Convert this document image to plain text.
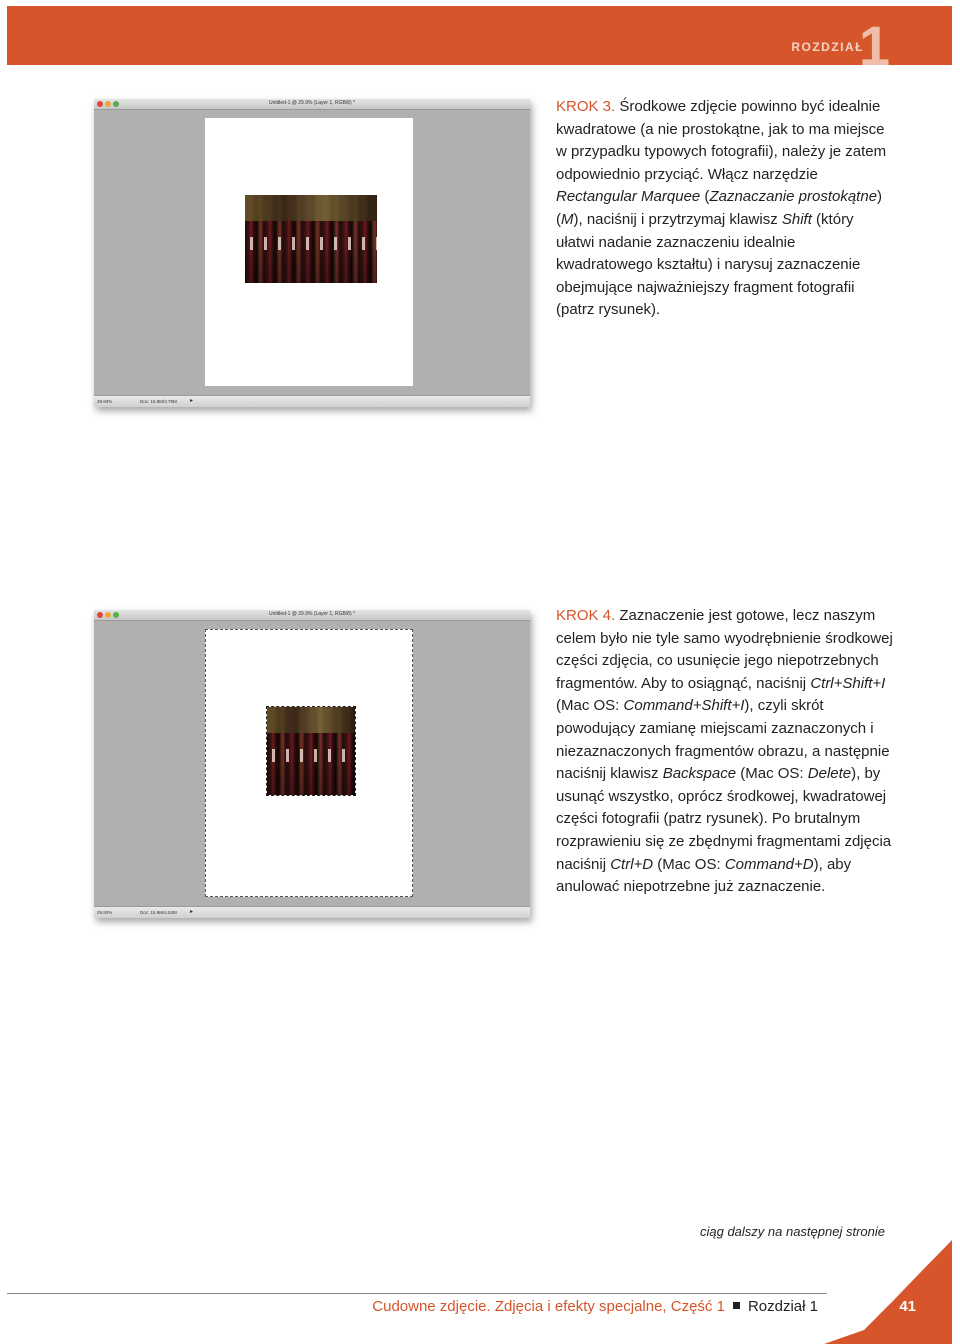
ROZDZIAŁ
1
Untitled-1 @ 29.9% (Layer 1, RGB/8) *
29.93%	Doc: 15.9M/3.79M ▸
KROK 3. Środkowe zdjęcie powinno być idealnie kwadratowe (a nie prostokątne, jak to ma miejsce w przypadku typowych fotografii), należy je zatem odpowiednio przyciąć. Włącz narzędzie Rectangular Marquee (Zaznaczanie prostokątne) (M), naciśnij i przytrzymaj klawisz Shift (który ułatwi nadanie zaznaczeniu idealnie kwadratowego kształtu) i narysuj zaznaczenie obejmujące najważniejszy fragment fotografii (patrz rysunek).
Untitled-1 @ 29.9% (Layer 1, RGB/8) *
29.93%	Doc: 15.9M/4.53M ▸
KROK 4. Zaznaczenie jest gotowe, lecz naszym celem było nie tyle samo wyodrębnienie środkowej części zdjęcia, co usunięcie jego niepotrzebnych fragmentów. Aby to osiągnąć, naciśnij Ctrl+Shift+I (Mac OS: Command+Shift+I), czyli skrót powodujący zamianę miejscami zaznaczonych i niezaznaczonych fragmentów obrazu, a następnie naciśnij klawisz Backspace (Mac OS: Delete), by usunąć wszystko, oprócz środkowej, kwadratowej części fotografii (patrz rysunek). Po brutalnym rozprawieniu się ze zbędnymi fragmentami zdjęcia naciśnij Ctrl+D (Mac OS: Command+D), aby anulować niepotrzebne już zaznaczenie.
ciąg dalszy na następnej stronie
Cudowne zdjęcie. Zdjęcia i efekty specjalne, Część 1 Rozdział 1	41
